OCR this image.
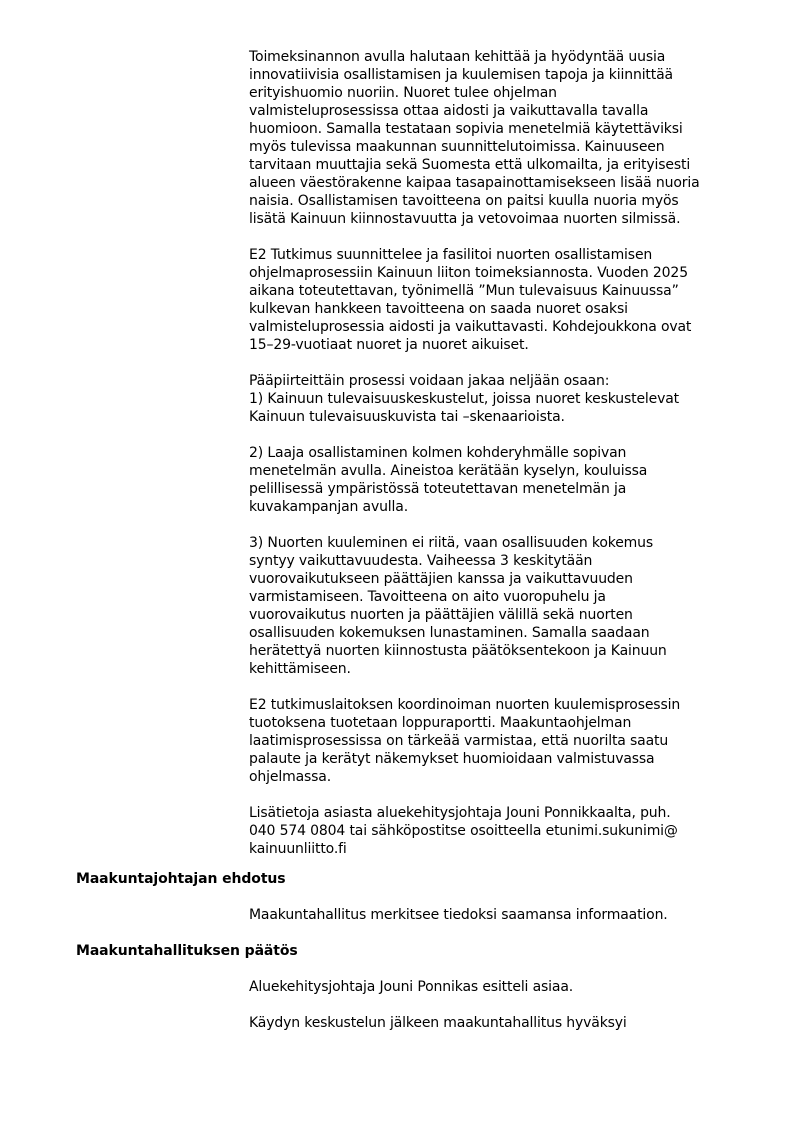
Toimeksinannon avulla halutaan kehittää ja hyödyntää uusia
innovatiivisia osallistamisen ja kuulemisen tapoja ja kiinnittää
erityishuomio nuoriin. Nuoret tulee ohjelman
valmisteluprosessissa ottaa aidosti ja vaikuttavalla tavalla
huomioon. Samalla testataan sopivia menetelmiä käytettäviksi
myös tulevissa maakunnan suunnittelutoimissa. Kainuuseen
tarvitaan muuttajia sekä Suomesta että ulkomailta, ja erityisesti
alueen väestörakenne kaipaa tasapainottamisekseen lisää nuoria
naisia. Osallistamisen tavoitteena on paitsi kuulla nuoria myös
lisätä Kainuun kiinnostavuutta ja vetovoimaa nuorten silmissä.

E2 Tutkimus suunnittelee ja fasilitoi nuorten osallistamisen
ohjelmaprosessiin Kainuun liiton toimeksiannosta. Vuoden 2025
aikana toteutettavan, työnimellä ”Mun tulevaisuus Kainuussa”
kulkevan hankkeen tavoitteena on saada nuoret osaksi
valmisteluprosessia aidosti ja vaikuttavasti. Kohdejoukkona ovat
15–29-vuotiaat nuoret ja nuoret aikuiset.

Pääpiirteittäin prosessi voidaan jakaa neljään osaan:
1) Kainuun tulevaisuuskeskustelut, joissa nuoret keskustelevat
Kainuun tulevaisuuskuvista tai –skenaarioista.

2) Laaja osallistaminen kolmen kohderyhmälle sopivan
menetelmän avulla. Aineistoa kerätään kyselyn, kouluissa
pelillisessä ympäristössä toteutettavan menetelmän ja
kuvakampanjan avulla.

3) Nuorten kuuleminen ei riitä, vaan osallisuuden kokemus
syntyy vaikuttavuudesta. Vaiheessa 3 keskitytään
vuorovaikutukseen päättäjien kanssa ja vaikuttavuuden
varmistamiseen. Tavoitteena on aito vuoropuhelu ja
vuorovaikutus nuorten ja päättäjien välillä sekä nuorten
osallisuuden kokemuksen lunastaminen. Samalla saadaan
herätettyä nuorten kiinnostusta päätöksentekoon ja Kainuun
kehittämiseen.

E2 tutkimuslaitoksen koordinoiman nuorten kuulemisprosessin
tuotoksena tuotetaan loppuraportti. Maakuntaohjelman
laatimisprosessissa on tärkeää varmistaa, että nuorilta saatu
palaute ja kerätyt näkemykset huomioidaan valmistuvassa
ohjelmassa.

Lisätietoja asiasta aluekehitysjohtaja Jouni Ponnikkaalta, puh.
040 574 0804 tai sähköpostitse osoitteella etunimi.sukunimi@
kainuunliitto.fi

Maakuntajohtajan ehdotus
Maakuntahallitus merkitsee tiedoksi saamansa informaation.
Maakuntahallituksen päätös
Aluekehitysjohtaja Jouni Ponnikas esitteli asiaa.
Käydyn keskustelun jälkeen maakuntahallitus hyväksyi
